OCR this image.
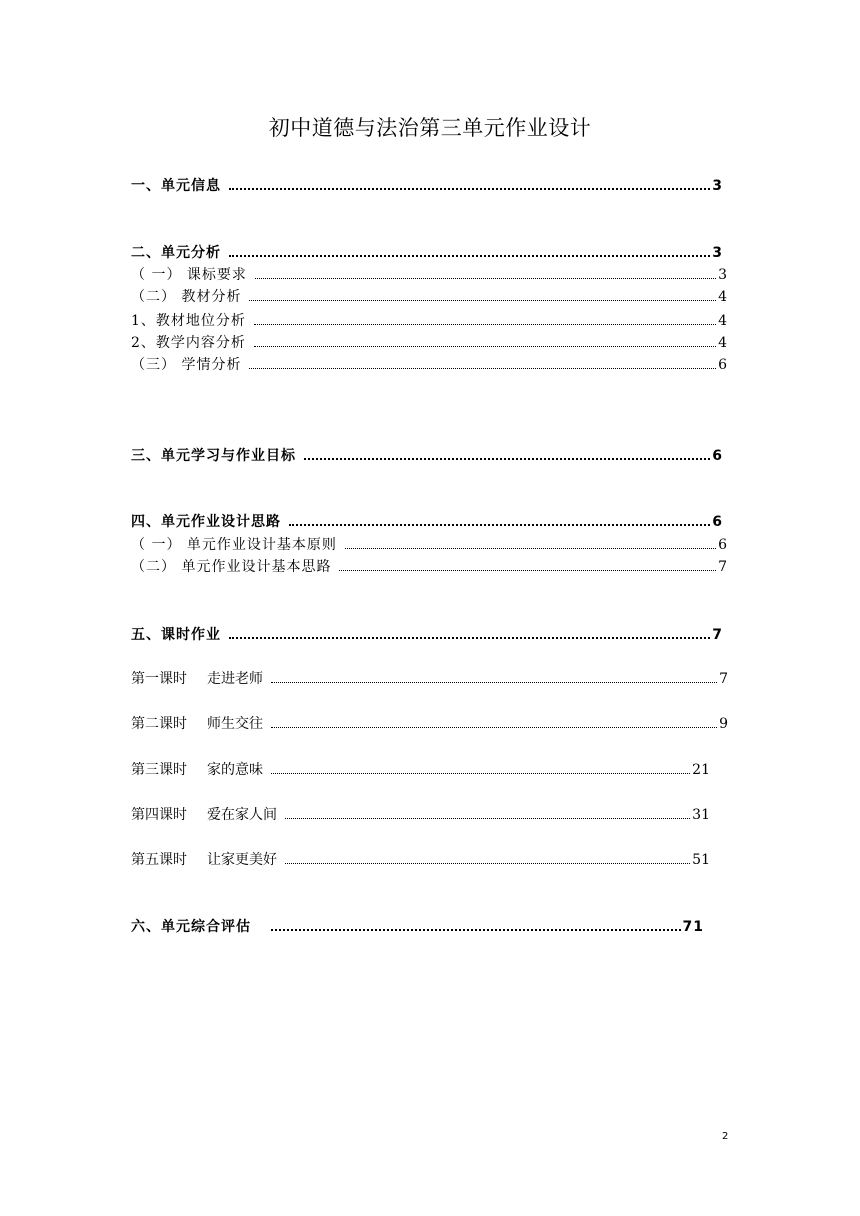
初中道德与法治第三单元作业设计
一、单元信息	3
二、单元分析	3
（ 一） 课标要求	3
（二） 教材分析	4
1、教材地位分析	4
2、教学内容分析	4
（三） 学情分析	6
三、单元学习与作业目标	6
四、单元作业设计思路	6
（ 一） 单元作业设计基本原则	6
（二） 单元作业设计基本思路	7
五、课时作业	7
第一课时 走进老师	7
第二课时 师生交往	9
第三课时 家的意味	21
第四课时 爱在家人间	31
第五课时 让家更美好	51
六、单元综合评估	71
2
